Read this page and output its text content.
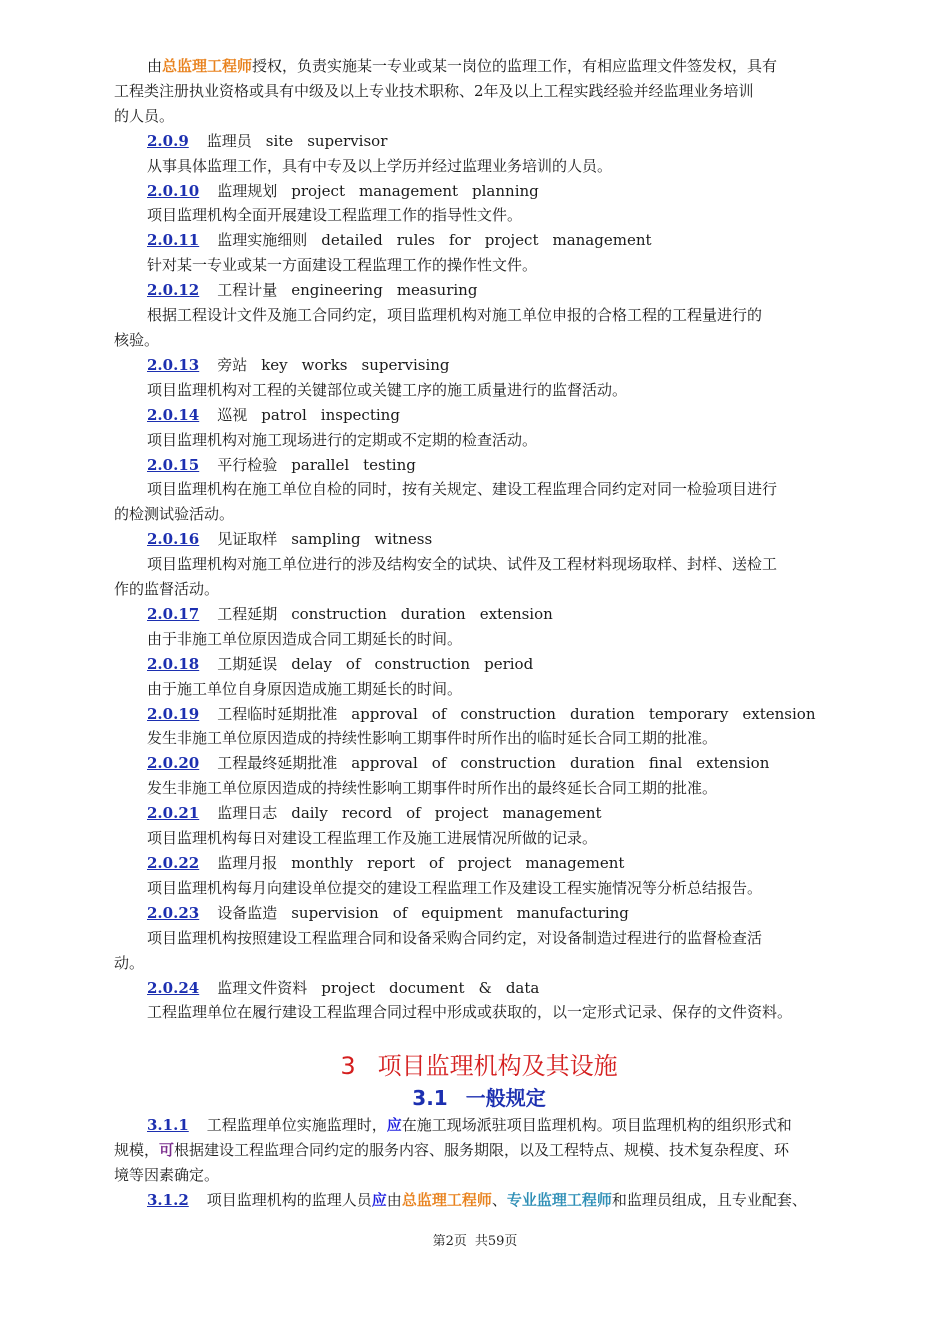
由总监理工程师授权，负责实施某一专业或某一岗位的监理工作，有相应监理文件签发权，具有
工程类注册执业资格或具有中级及以上专业技术职称、2年及以上工程实践经验并经监理业务培训
的人员。
2.0.9 监理员 site supervisor
从事具体监理工作，具有中专及以上学历并经过监理业务培训的人员。
2.0.10 监理规划 project management planning
项目监理机构全面开展建设工程监理工作的指导性文件。
2.0.11 监理实施细则 detailed rules for project management
针对某一专业或某一方面建设工程监理工作的操作性文件。
2.0.12 工程计量 engineering measuring
根据工程设计文件及施工合同约定，项目监理机构对施工单位申报的合格工程的工程量进行的
核验。
2.0.13 旁站 key works supervising
项目监理机构对工程的关键部位或关键工序的施工质量进行的监督活动。
2.0.14 巡视 patrol inspecting
项目监理机构对施工现场进行的定期或不定期的检查活动。
2.0.15 平行检验 parallel testing
项目监理机构在施工单位自检的同时，按有关规定、建设工程监理合同约定对同一检验项目进行
的检测试验活动。
2.0.16 见证取样 sampling witness
项目监理机构对施工单位进行的涉及结构安全的试块、试件及工程材料现场取样、封样、送检工
作的监督活动。
2.0.17 工程延期 construction duration extension
由于非施工单位原因造成合同工期延长的时间。
2.0.18 工期延误 delay of construction period
由于施工单位自身原因造成施工期延长的时间。
2.0.19 工程临时延期批准 approval of construction duration temporary extension
发生非施工单位原因造成的持续性影响工期事件时所作出的临时延长合同工期的批准。
2.0.20 工程最终延期批准 approval of construction duration final extension
发生非施工单位原因造成的持续性影响工期事件时所作出的最终延长合同工期的批准。
2.0.21 监理日志 daily record of project management
项目监理机构每日对建设工程监理工作及施工进展情况所做的记录。
2.0.22 监理月报 monthly report of project management
项目监理机构每月向建设单位提交的建设工程监理工作及建设工程实施情况等分析总结报告。
2.0.23 设备监造 supervision of equipment manufacturing
项目监理机构按照建设工程监理合同和设备采购合同约定，对设备制造过程进行的监督检查活
动。
2.0.24 监理文件资料 project document & data
工程监理单位在履行建设工程监理合同过程中形成或获取的，以一定形式记录、保存的文件资料。
3 项目监理机构及其设施
3.1 一般规定
3.1.1 工程监理单位实施监理时，应在施工现场派驻项目监理机构。项目监理机构的组织形式和
规模，可根据建设工程监理合同约定的服务内容、服务期限，以及工程特点、规模、技术复杂程度、环
境等因素确定。
3.1.2 项目监理机构的监理人员应由总监理工程师、专业监理工程师和监理员组成，且专业配套、
第2页 共59页
